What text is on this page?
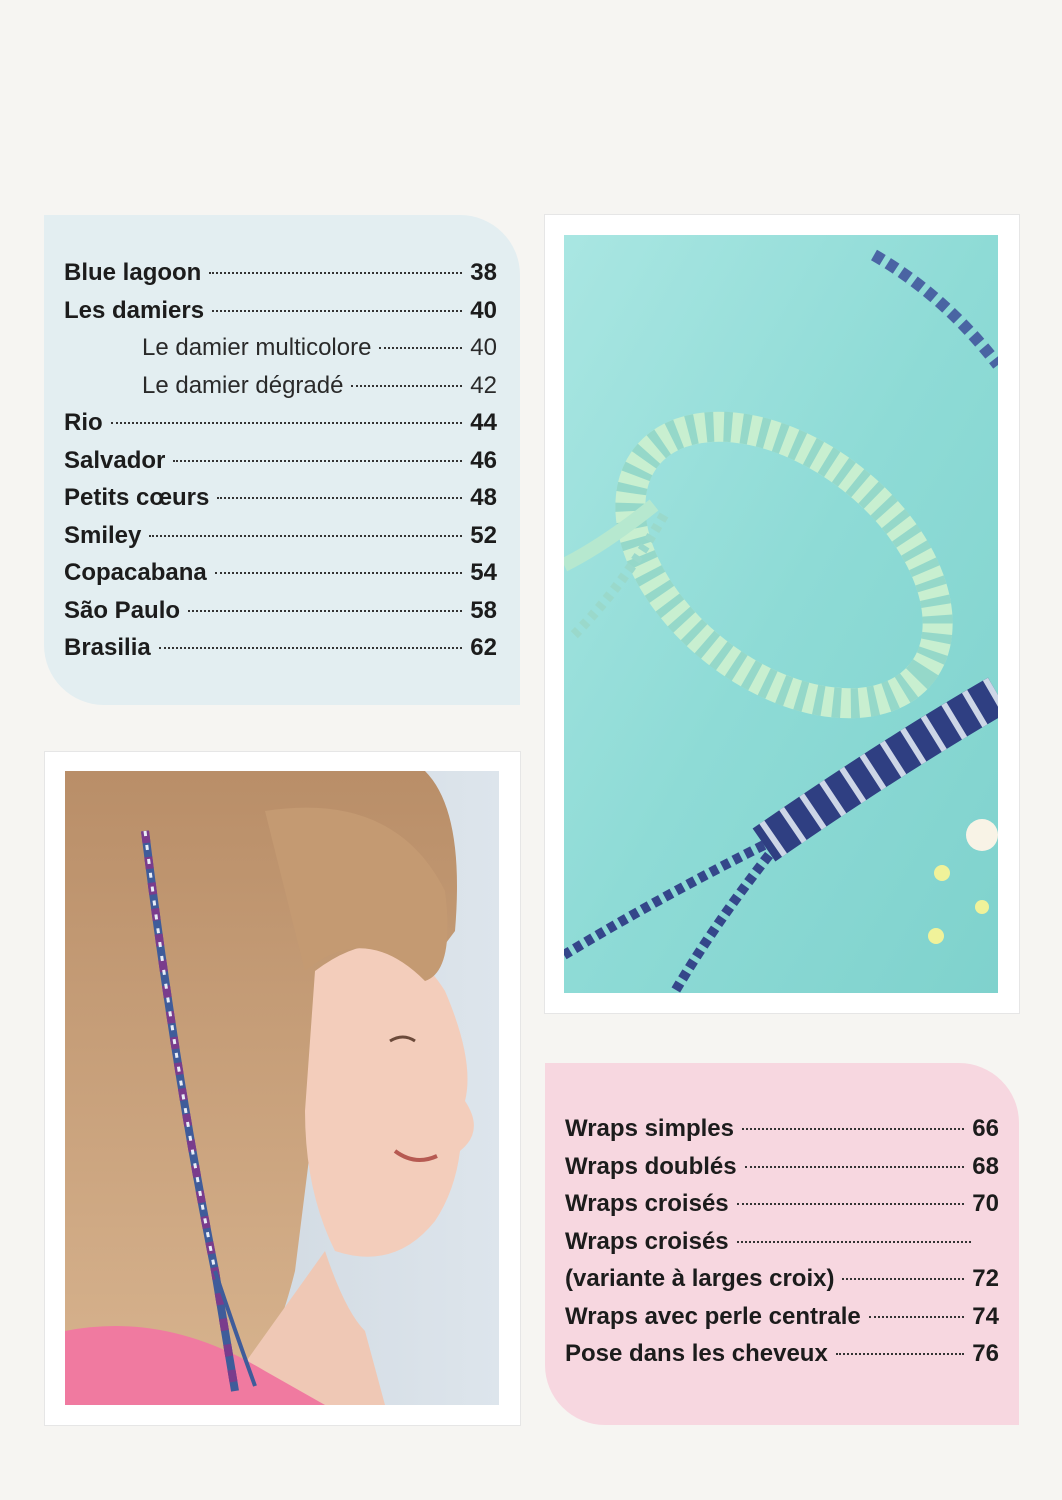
Blue lagoon	38
Les damiers	40
Le damier multicolore	40
Le damier dégradé	42
Rio	44
Salvador	46
Petits cœurs	48
Smiley	52
Copacabana	54
São Paulo	58
Brasilia	62
Wraps simples	66
Wraps doublés	68
Wraps croisés	70
Wraps croisés
(variante à larges croix)	72
Wraps avec perle centrale	74
Pose dans les cheveux	76
